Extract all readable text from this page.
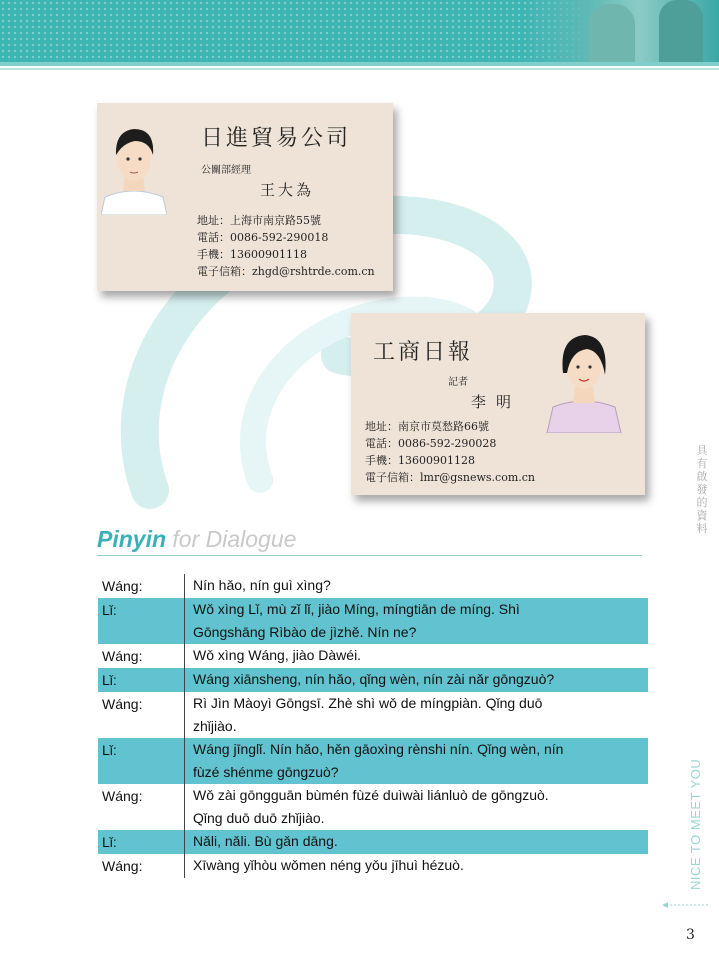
日進貿易公司
公關部經理
王大為
地址：上海市南京路55號
電話：0086-592-290018
手機：13600901118
電子信箱：zhgd@rshtrde.com.cn
工商日報
記者
李明
地址：南京市莫愁路66號
電話：0086-592-290028
手機：13600901128
電子信箱：lmr@gsnews.com.cn
具有啟發的資料
Pinyin for Dialogue
Wáng:	Nín hǎo, nín guì xìng?
Lǐ:	Wǒ xìng Lǐ, mù zǐ lǐ, jiào Míng, míngtiān de míng. Shì
Gōngshāng Rìbào de jìzhě. Nín ne?
Wáng:	Wǒ xìng Wáng, jiào Dàwéi.
Lǐ:	Wáng xiānsheng, nín hǎo, qǐng wèn, nín zài nǎr gōngzuò?
Wáng:	Rì Jìn Màoyì Gōngsī. Zhè shì wǒ de míngpiàn. Qǐng duō
zhǐjiào.
Lǐ:	Wáng jīnglǐ. Nín hǎo, hěn gāoxìng rènshi nín. Qǐng wèn, nín
fùzé shénme gōngzuò?
Wáng:	Wǒ zài gōngguān bùmén fùzé duìwài liánluò de gōngzuò.
Qǐng duō duō zhǐjiào.
Lǐ:	Nǎli, nǎli. Bù gǎn dāng.
Wáng:	Xīwàng yǐhòu wǒmen néng yǒu jīhuì hézuò.	NICE TO MEET YOU
3
